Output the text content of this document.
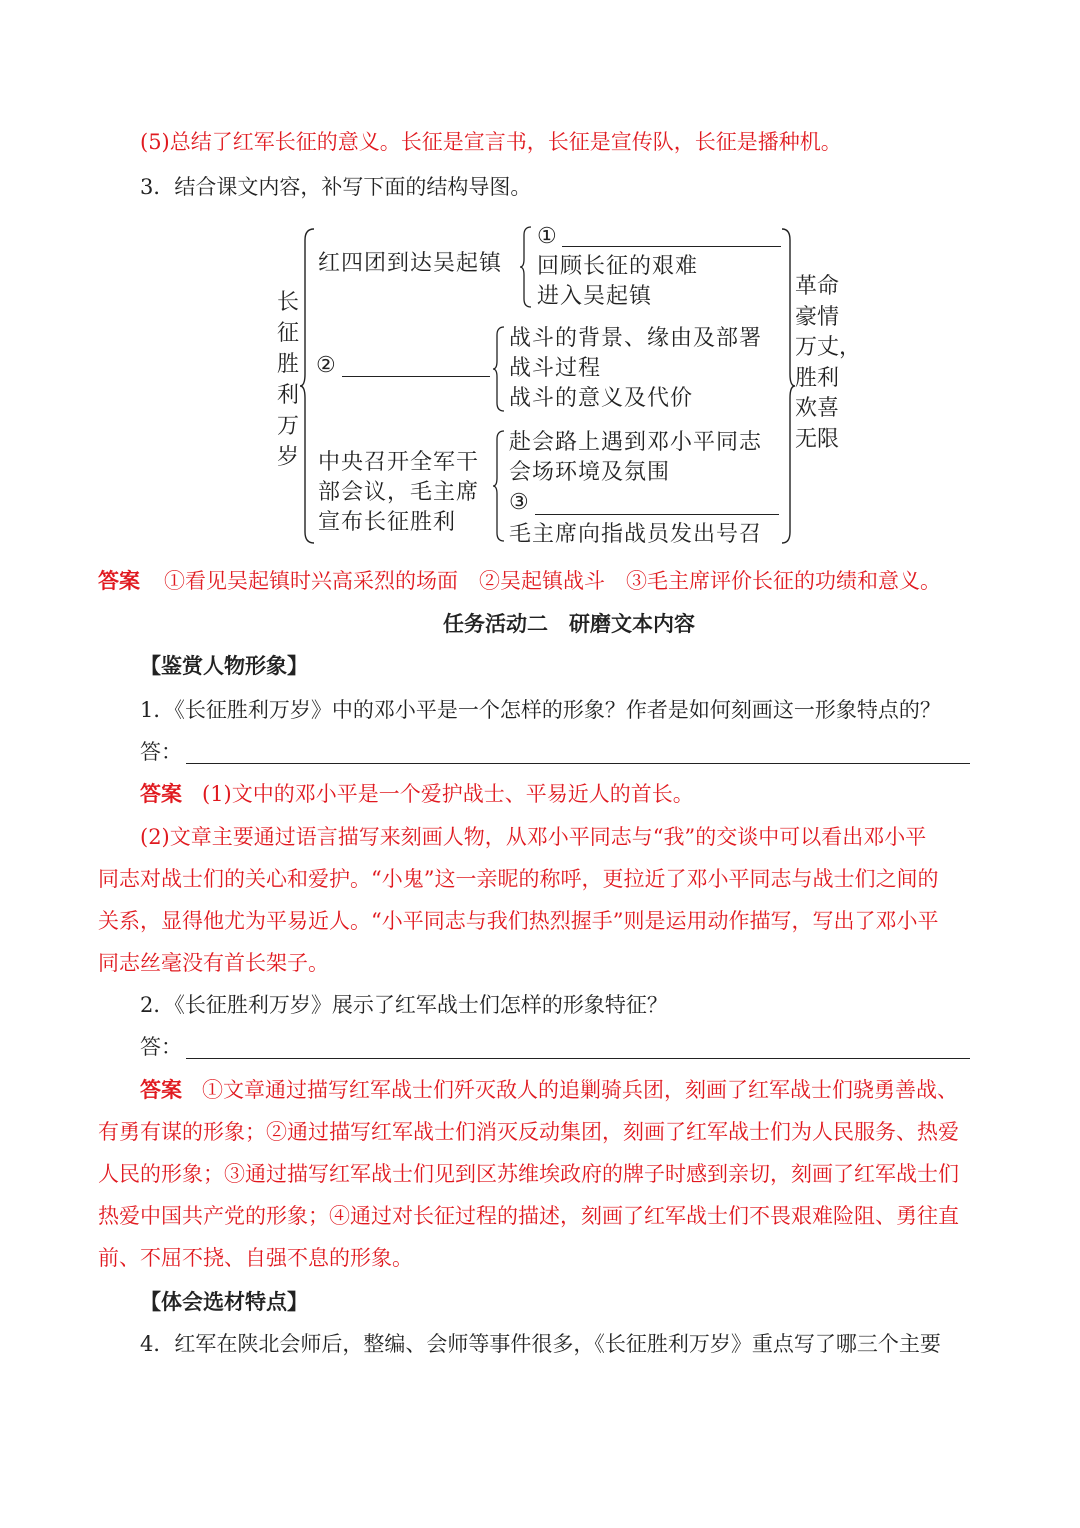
(5)总结了红军长征的意义。长征是宣言书，长征是宣传队，长征是播种机。
3．结合课文内容，补写下面的结构导图。
长
征
胜
利
万
岁
红四团到达吴起镇
①
回顾长征的艰难
进入吴起镇
②
战斗的背景、缘由及部署
战斗过程
战斗的意义及代价
中央召开全军干
部会议，毛主席
宣布长征胜利
赴会路上遇到邓小平同志
会场环境及氛围
③
毛主席向指战员发出号召
革命
豪情
万丈，
胜利
欢喜
无限
答案 ①看见吴起镇时兴高采烈的场面　②吴起镇战斗　③毛主席评价长征的功绩和意义。
任务活动二　研磨文本内容
【鉴赏人物形象】
1．《长征胜利万岁》中的邓小平是一个怎样的形象？作者是如何刻画这一形象特点的？
答：
答案 (1)文中的邓小平是一个爱护战士、平易近人的首长。
(2)文章主要通过语言描写来刻画人物，从邓小平同志与“我”的交谈中可以看出邓小平
同志对战士们的关心和爱护。“小鬼”这一亲昵的称呼，更拉近了邓小平同志与战士们之间的
关系，显得他尤为平易近人。“小平同志与我们热烈握手”则是运用动作描写，写出了邓小平
同志丝毫没有首长架子。
2．《长征胜利万岁》展示了红军战士们怎样的形象特征？
答：
答案 ①文章通过描写红军战士们歼灭敌人的追剿骑兵团，刻画了红军战士们骁勇善战、
有勇有谋的形象；②通过描写红军战士们消灭反动集团，刻画了红军战士们为人民服务、热爱
人民的形象；③通过描写红军战士们见到区苏维埃政府的牌子时感到亲切，刻画了红军战士们
热爱中国共产党的形象；④通过对长征过程的描述，刻画了红军战士们不畏艰难险阻、勇往直
前、不屈不挠、自强不息的形象。
【体会选材特点】
4．红军在陕北会师后，整编、会师等事件很多，《长征胜利万岁》重点写了哪三个主要
